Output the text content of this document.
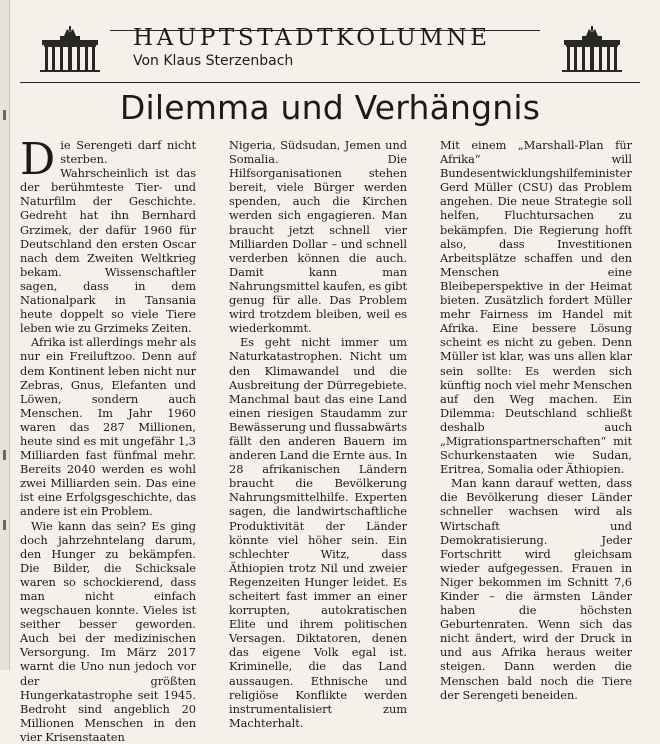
HAUPTSTADTKOLUMNE
Von Klaus Sterzenbach
Dilemma und Verhängnis

Die Serengeti darf nicht sterben. Wahrscheinlich ist das der berühmteste Tier- und Naturfilm der Geschichte. Gedreht hat ihn Bernhard Grzimek, der dafür 1960 für Deutschland den ersten Oscar nach dem Zweiten Weltkrieg bekam. Wissenschaftler sagen, dass in dem Nationalpark in Tansania heute doppelt so viele Tiere leben wie zu Grzimeks Zeiten.

Afrika ist allerdings mehr als nur ein Freiluftzoo. Denn auf dem Kontinent leben nicht nur Zebras, Gnus, Elefanten und Löwen, sondern auch Menschen. Im Jahr 1960 waren das 287 Millionen, heute sind es mit ungefähr 1,3 Milliarden fast fünfmal mehr. Bereits 2040 werden es wohl zwei Milliarden sein. Das eine ist eine Erfolgsgeschichte, das andere ist ein Problem.

Wie kann das sein? Es ging doch jahrzehntelang darum, den Hunger zu bekämpfen. Die Bilder, die Schicksale waren so schockierend, dass man nicht einfach wegschauen konnte. Vieles ist seither besser geworden. Auch bei der medizinischen Versorgung. Im März 2017 warnt die Uno nun jedoch vor der größten Hungerkatastrophe seit 1945. Bedroht sind angeblich 20 Millionen Menschen in den vier Krisenstaaten

Nigeria, Südsudan, Jemen und Somalia. Die Hilfsorganisationen stehen bereit, viele Bürger werden spenden, auch die Kirchen werden sich engagieren. Man braucht jetzt schnell vier Milliarden Dollar – und schnell verderben können die auch. Damit kann man Nahrungsmittel kaufen, es gibt genug für alle. Das Problem wird trotzdem bleiben, weil es wiederkommt.

Es geht nicht immer um Naturkatastrophen. Nicht um den Klimawandel und die Ausbreitung der Dürregebiete. Manchmal baut das eine Land einen riesigen Staudamm zur Bewässerung und flussabwärts fällt den anderen Bauern im anderen Land die Ernte aus. In 28 afrikanischen Ländern braucht die Bevölkerung Nahrungsmittelhilfe. Experten sagen, die landwirtschaftliche Produktivität der Länder könnte viel höher sein. Ein schlechter Witz, dass Äthiopien trotz Nil und zweier Regenzeiten Hunger leidet. Es scheitert fast immer an einer korrupten, autokratischen Elite und ihrem politischen Versagen. Diktatoren, denen das eigene Volk egal ist. Kriminelle, die das Land aussaugen. Ethnische und religiöse Konflikte werden instrumentalisiert zum Machterhalt.

Mit einem „Marshall-Plan für Afrika“ will Bundesentwicklungshilfeminister Gerd Müller (CSU) das Problem angehen. Die neue Strategie soll helfen, Fluchtursachen zu bekämpfen. Die Regierung hofft also, dass Investitionen Arbeitsplätze schaffen und den Menschen eine Bleibeperspektive in der Heimat bieten. Zusätzlich fordert Müller mehr Fairness im Handel mit Afrika. Eine bessere Lösung scheint es nicht zu geben. Denn Müller ist klar, was uns allen klar sein sollte: Es werden sich künftig noch viel mehr Menschen auf den Weg machen. Ein Dilemma: Deutschland schließt deshalb auch „Migrationspartnerschaften“ mit Schurkenstaaten wie Sudan, Eritrea, Somalia oder Äthiopien.

Man kann darauf wetten, dass die Bevölkerung dieser Länder schneller wachsen wird als Wirtschaft und Demokratisierung. Jeder Fortschritt wird gleichsam wieder aufgegessen. Frauen in Niger bekommen im Schnitt 7,6 Kinder – die ärmsten Länder haben die höchsten Geburtenraten. Wenn sich das nicht ändert, wird der Druck in und aus Afrika heraus weiter steigen. Dann werden die Menschen bald noch die Tiere der Serengeti beneiden.
